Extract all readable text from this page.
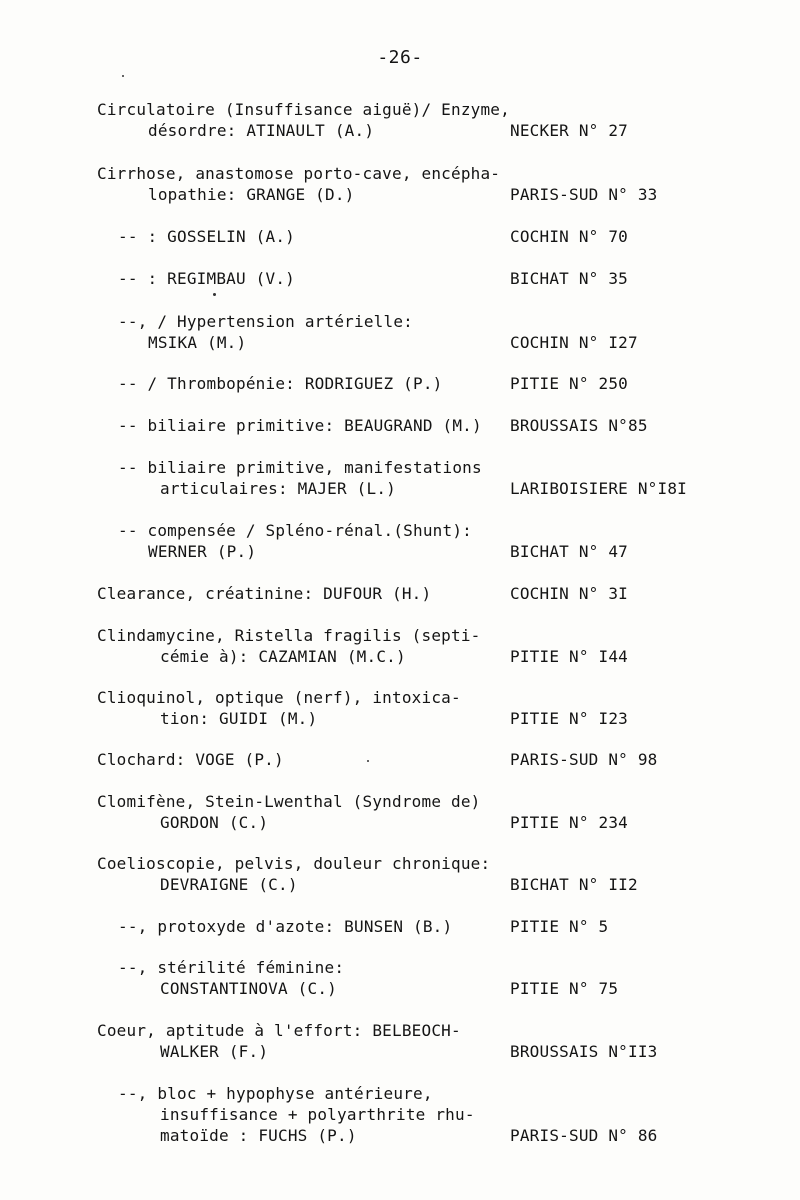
-26-
Circulatoire (Insuffisance aiguë)/ Enzyme,
désordre: ATINAULT (A.)	NECKER N° 27
Cirrhose, anastomose porto-cave, encépha-
lopathie: GRANGE (D.)	PARIS-SUD N° 33
-- : GOSSELIN (A.)	COCHIN N° 70
-- : REGIMBAU (V.)	BICHAT N° 35
--, / Hypertension artérielle:
MSIKA (M.)	COCHIN N° I27
-- / Thrombopénie: RODRIGUEZ (P.)	PITIE N° 250
-- biliaire primitive: BEAUGRAND (M.) BROUSSAIS N°85
-- biliaire primitive, manifestations
articulaires: MAJER (L.)	LARIBOISIERE N°I8I
-- compensée / Spléno-rénal.(Shunt):
WERNER (P.)	BICHAT N° 47
Clearance, créatinine: DUFOUR (H.)	COCHIN N° 3I
Clindamycine, Ristella fragilis (septi-
cémie à): CAZAMIAN (M.C.)	PITIE N° I44
Clioquinol, optique (nerf), intoxica-
tion: GUIDI (M.)	PITIE N° I23
Clochard: VOGE (P.)	PARIS-SUD N° 98
Clomifène, Stein-Lwenthal (Syndrome de)
GORDON (C.)	PITIE N° 234
Coelioscopie, pelvis, douleur chronique:
DEVRAIGNE (C.)	BICHAT N° II2
--, protoxyde d'azote: BUNSEN (B.)	PITIE N° 5
--, stérilité féminine:
CONSTANTINOVA (C.)	PITIE N° 75
Coeur, aptitude à l'effort: BELBEOCH-
WALKER (F.)	BROUSSAIS N°II3
--, bloc + hypophyse antérieure,
insuffisance + polyarthrite rhu-
matoïde : FUCHS (P.)	PARIS-SUD N° 86
